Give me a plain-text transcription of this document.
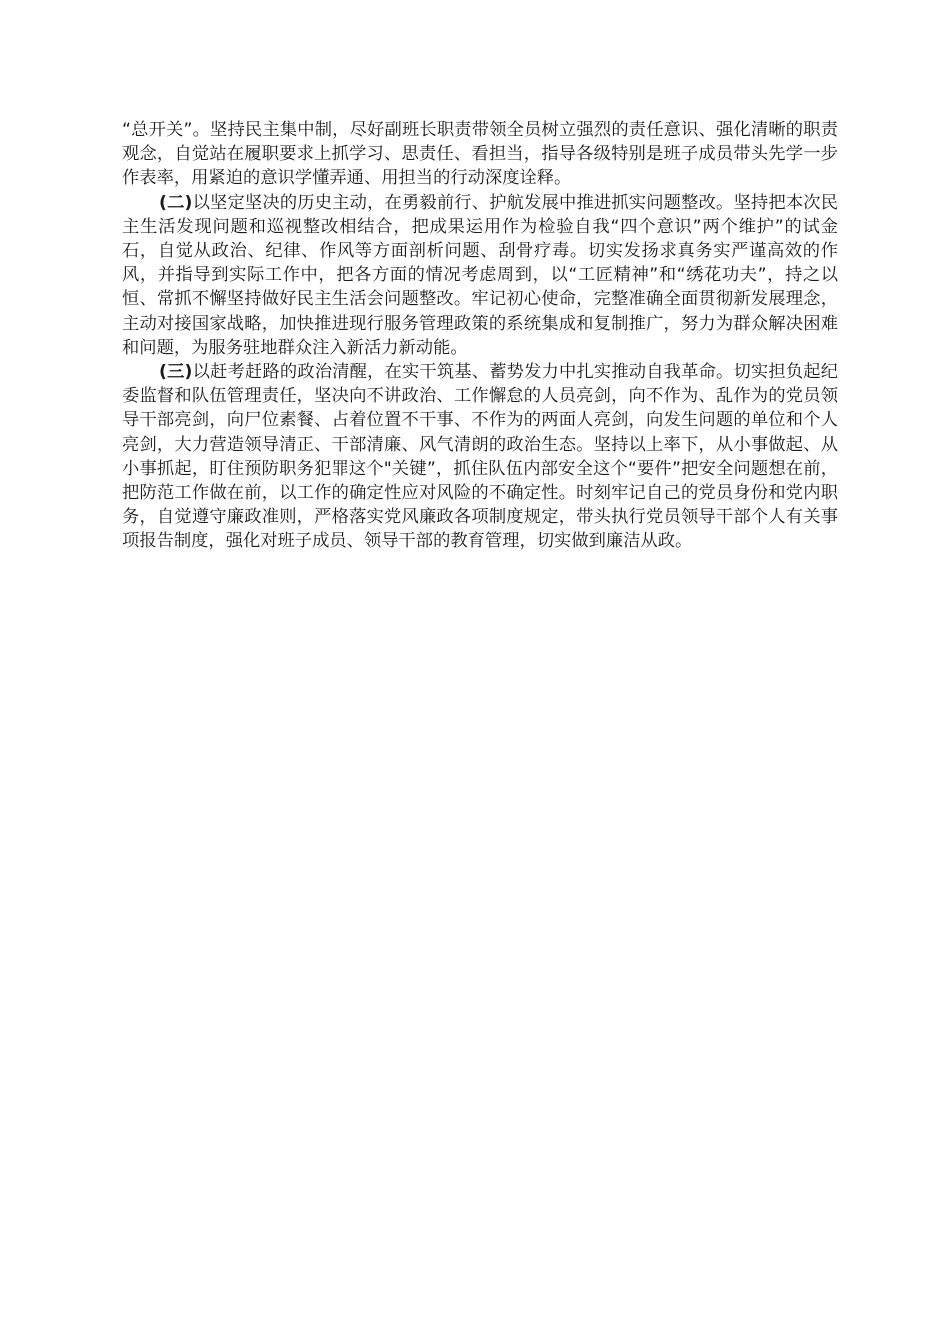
“总开关”。坚持民主集中制，尽好副班长职责带领全员树立强烈的责任意识、强化清晰的职责观念，自觉站在履职要求上抓学习、思责任、看担当，指导各级特别是班子成员带头先学一步作表率，用紧迫的意识学懂弄通、用担当的行动深度诠释。

(二)以坚定坚决的历史主动，在勇毅前行、护航发展中推进抓实问题整改。坚持把本次民主生活发现问题和巡视整改相结合，把成果运用作为检验自我“四个意识”两个维护”的试金石，自觉从政治、纪律、作风等方面剖析问题、刮骨疗毒。切实发扬求真务实严谨高效的作风，并指导到实际工作中，把各方面的情况考虑周到，以“工匠精神”和“绣花功夫”，持之以恒、常抓不懈坚持做好民主生活会问题整改。牢记初心使命，完整准确全面贯彻新发展理念，主动对接国家战略，加快推进现行服务管理政策的系统集成和复制推广，努力为群众解决困难和问题，为服务驻地群众注入新活力新动能。

(三)以赶考赶路的政治清醒，在实干筑基、蓄势发力中扎实推动自我革命。切实担负起纪委监督和队伍管理责任，坚决向不讲政治、工作懈怠的人员亮剑，向不作为、乱作为的党员领导干部亮剑，向尸位素餐、占着位置不干事、不作为的两面人亮剑，向发生问题的单位和个人亮剑，大力营造领导清正、干部清廉、风气清朗的政治生态。坚持以上率下，从小事做起、从小事抓起，盯住预防职务犯罪这个"关键”，抓住队伍内部安全这个“要件”把安全问题想在前，把防范工作做在前，以工作的确定性应对风险的不确定性。时刻牢记自己的党员身份和党内职务，自觉遵守廉政准则，严格落实党风廉政各项制度规定，带头执行党员领导干部个人有关事项报告制度，强化对班子成员、领导干部的教育管理，切实做到廉洁从政。
